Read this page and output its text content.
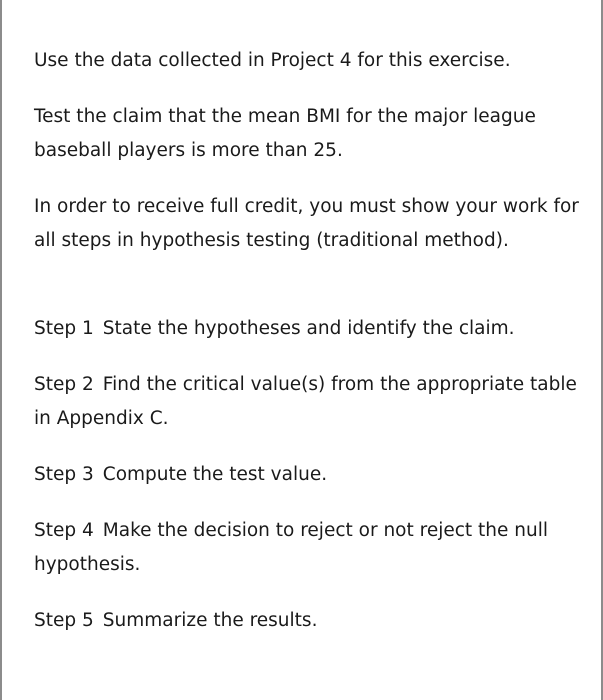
Use the data collected in Project 4 for this exercise.

Test the claim that the mean BMI for the major league baseball players is more than 25.

In order to receive full credit, you must show your work for all steps in hypothesis testing (traditional method).

Step 1 State the hypotheses and identify the claim.

Step 2 Find the critical value(s) from the appropriate table in Appendix C.

Step 3 Compute the test value.

Step 4 Make the decision to reject or not reject the null hypothesis.

Step 5 Summarize the results.
